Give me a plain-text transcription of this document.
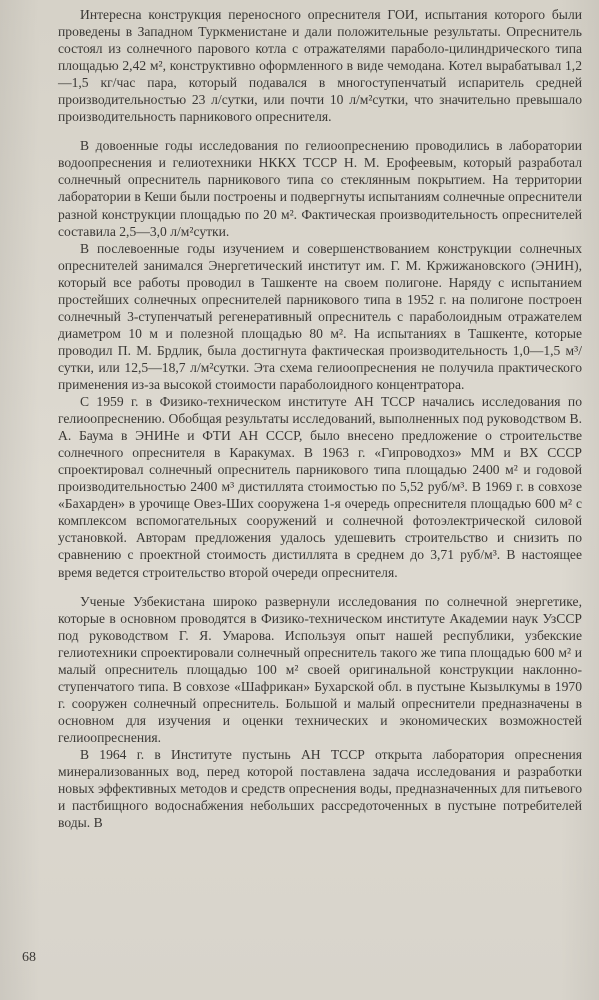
Интересна конструкция переносного опреснителя ГОИ, испытания которого были проведены в Западном Туркменистане и дали положительные результаты. Опреснитель состоял из солнечного парового котла с отражателями параболо-цилиндрического типа площадью 2,42 м², конструктивно оформленного в виде чемодана. Котел вырабатывал 1,2—1,5 кг/час пара, который подавался в многоступенчатый испаритель средней производительностью 23 л/сутки, или почти 10 л/м²сутки, что значительно превышало производительность парникового опреснителя.

В довоенные годы исследования по гелиоопреснению проводились в лаборатории водоопреснения и гелиотехники НККХ ТССР Н. М. Ерофеевым, который разработал солнечный опреснитель парникового типа со стеклянным покрытием. На территории лаборатории в Кеши были построены и подвергнуты испытаниям солнечные опреснители разной конструкции площадью по 20 м². Фактическая производительность опреснителей составила 2,5—3,0 л/м²сутки.

В послевоенные годы изучением и совершенствованием конструкции солнечных опреснителей занимался Энергетический институт им. Г. М. Кржижановского (ЭНИН), который все работы проводил в Ташкенте на своем полигоне. Наряду с испытанием простейших солнечных опреснителей парникового типа в 1952 г. на полигоне построен солнечный 3-ступенчатый регенеративный опреснитель с параболоидным отражателем диаметром 10 м и полезной площадью 80 м². На испытаниях в Ташкенте, которые проводил П. М. Брдлик, была достигнута фактическая производительность 1,0—1,5 м³/сутки, или 12,5—18,7 л/м²сутки. Эта схема гелиоопреснения не получила практического применения из-за высокой стоимости параболоидного концентратора.

С 1959 г. в Физико-техническом институте АН ТССР начались исследования по гелиоопреснению. Обобщая результаты исследований, выполненных под руководством В. А. Баума в ЭНИНе и ФТИ АН СССР, было внесено предложение о строительстве солнечного опреснителя в Каракумах. В 1963 г. «Гипроводхоз» ММ и ВХ СССР спроектировал солнечный опреснитель парникового типа площадью 2400 м² и годовой производительностью 2400 м³ дистиллята стоимостью по 5,52 руб/м³. В 1969 г. в совхозе «Бахарден» в урочище Овез-Ших сооружена 1-я очередь опреснителя площадью 600 м² с комплексом вспомогательных сооружений и солнечной фотоэлектрической силовой установкой. Авторам предложения удалось удешевить строительство и снизить по сравнению с проектной стоимость дистиллята в среднем до 3,71 руб/м³. В настоящее время ведется строительство второй очереди опреснителя.

Ученые Узбекистана широко развернули исследования по солнечной энергетике, которые в основном проводятся в Физико-техническом институте Академии наук УзССР под руководством Г. Я. Умарова. Используя опыт нашей республики, узбекские гелиотехники спроектировали солнечный опреснитель такого же типа площадью 600 м² и малый опреснитель площадью 100 м² своей оригинальной конструкции наклонно-ступенчатого типа. В совхозе «Шафрикан» Бухарской обл. в пустыне Кызылкумы в 1970 г. сооружен солнечный опреснитель. Большой и малый опреснители предназначены в основном для изучения и оценки технических и экономических возможностей гелиоопреснения.

В 1964 г. в Институте пустынь АН ТССР открыта лаборатория опреснения минерализованных вод, перед которой поставлена задача исследования и разработки новых эффективных методов и средств опреснения воды, предназначенных для питьевого и пастбищного водоснабжения небольших рассредоточенных в пустыне потребителей воды. В

68
